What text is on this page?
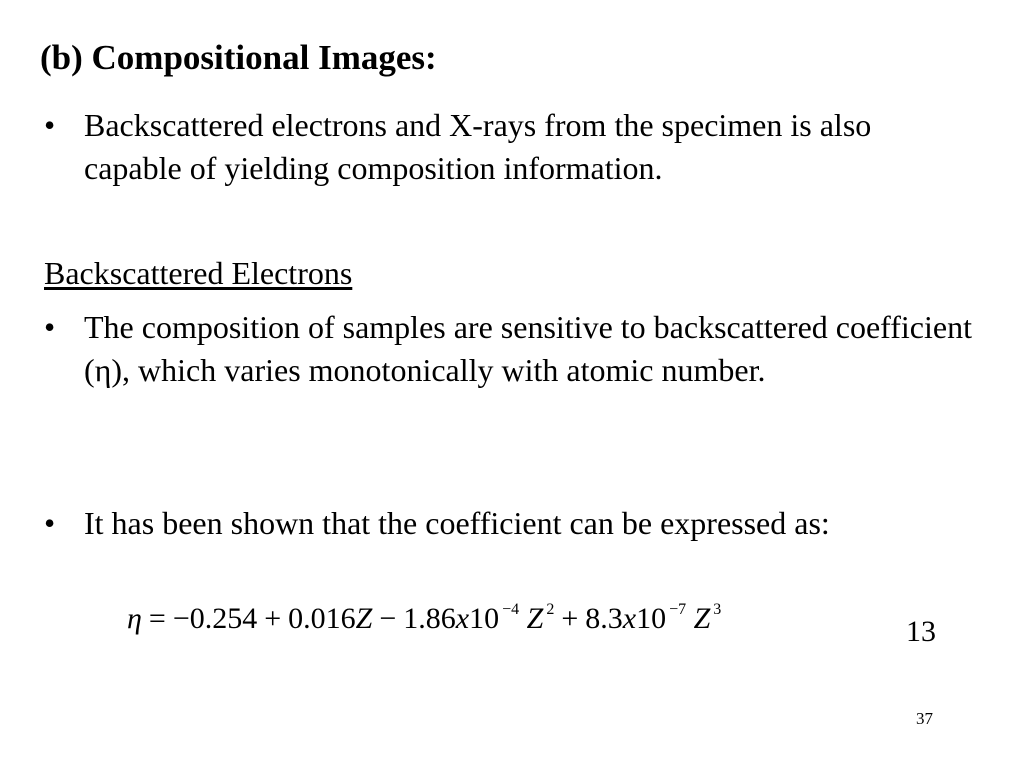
(b) Compositional Images:
• Backscattered electrons and X-rays from the specimen is also capable of yielding composition information.
Backscattered Electrons
• The composition of samples are sensitive to backscattered coefficient (η), which varies monotonically with atomic number.
• It has been shown that the coefficient can be expressed as:
η = −0.254 + 0.016Z − 1.86x10 $^{-4}$ Z $^2$ + 8.3x10 $^{-7}$ Z $^3$
13
37
